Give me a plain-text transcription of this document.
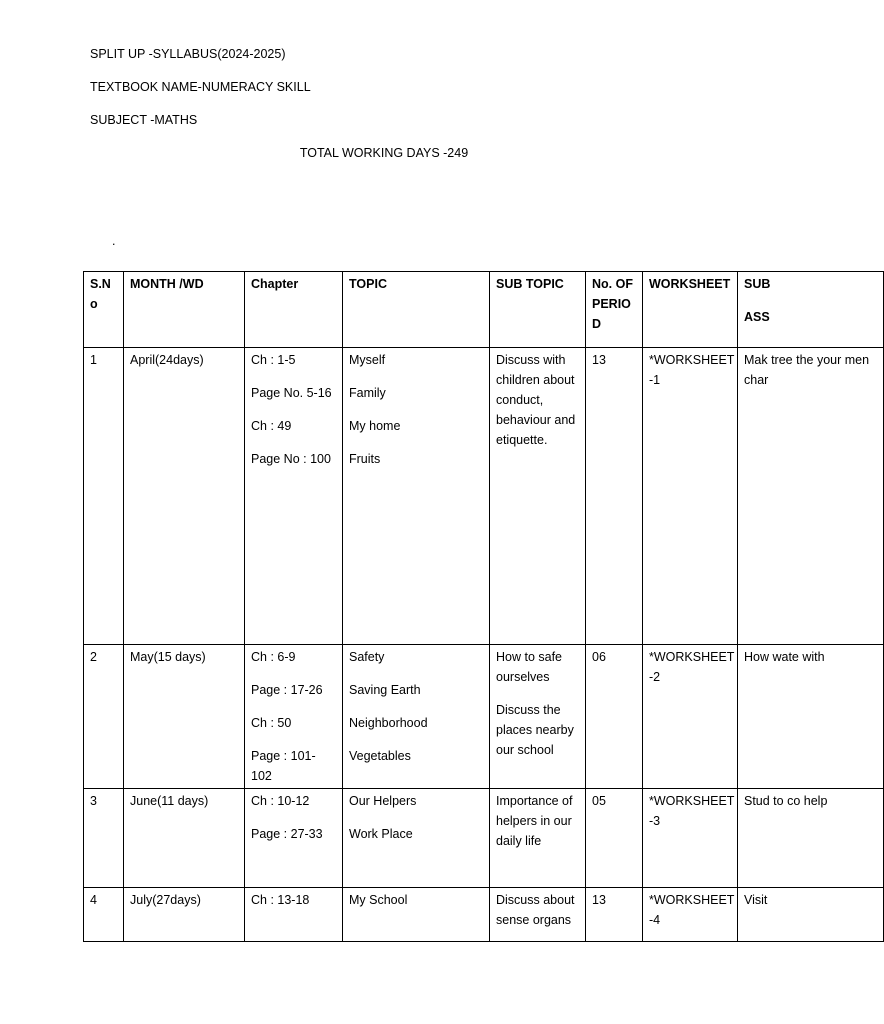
SPLIT UP -SYLLABUS(2024-2025)
TEXTBOOK NAME-NUMERACY SKILL
SUBJECT -MATHS
TOTAL WORKING DAYS -249
.
S.No	MONTH /WD	Chapter	TOPIC	SUB TOPIC	No. OF PERIOD	WORKSHEET	SUB
ASS

1	April(24days)	Ch : 1-5
Page No. 5-16
Ch : 49
Page No : 100	Myself
Family
My home
Fruits	Discuss with children about conduct, behaviour and etiquette.	13	*WORKSHEET -1	Mak tree the your men char
2	May(15 days)	Ch : 6-9
Page : 17-26
Ch : 50
Page : 101-102	Safety
Saving Earth
Neighborhood
Vegetables	How to safe ourselves
Discuss the places nearby our school	06	*WORKSHEET -2	How wate with
3	June(11 days)	Ch : 10-12
Page : 27-33	Our Helpers
Work Place	Importance of helpers in our daily life	05	*WORKSHEET -3	Stud to co help
4	July(27days)	Ch : 13-18	My School	Discuss about sense organs	13	*WORKSHEET -4	Visit
